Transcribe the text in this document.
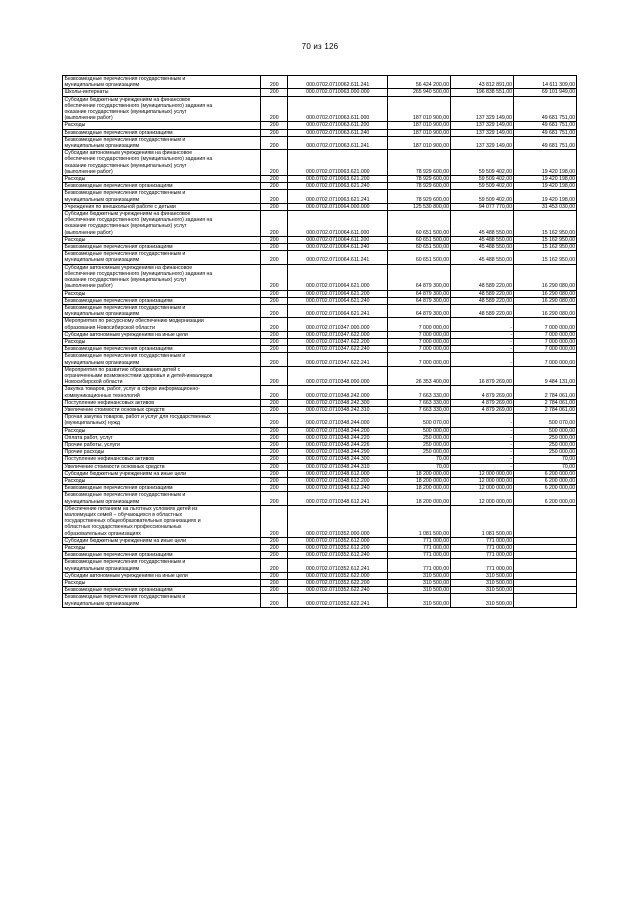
70 из 126
Безвозмездные перечисления государственным и
муниципальным организациям	200	000.0702.0710062.611.241	56 424 200,00	43 812 891,00	14 611 309,00
Школы-интернаты	200	000.0702.0710063.000.000	265 940 500,00	196 838 551,00	69 101 949,00
Субсидии бюджетным учреждениям на финансовое
обеспечение государственного (муниципального) задания на
оказание государственных (муниципальных) услуг
(выполнение работ)	200	000.0702.0710063.611.000	187 010 900,00	137 329 149,00	49 681 751,00
Расходы	200	000.0702.0710063.611.200	187 010 900,00	137 329 149,00	49 681 751,00
Безвозмездные перечисления организациям	200	000.0702.0710063.611.240	187 010 900,00	137 329 149,00	49 681 751,00
Безвозмездные перечисления государственным и
муниципальным организациям	200	000.0702.0710063.611.241	187 010 900,00	137 329 149,00	49 681 751,00
Субсидии автономным учреждениям на финансовое
обеспечение государственного (муниципального) задания на
оказание государственных (муниципальных) услуг
(выполнение работ)	200	000.0702.0710063.621.000	78 929 600,00	59 509 402,00	19 420 198,00
Расходы	200	000.0702.0710063.621.200	78 929 600,00	59 509 402,00	19 420 198,00
Безвозмездные перечисления организациям	200	000.0702.0710063.621.240	78 929 600,00	59 509 402,00	19 420 198,00
Безвозмездные перечисления государственным и
муниципальным организациям	200	000.0702.0710063.621.241	78 929 600,00	59 509 402,00	19 420 198,00
Учреждения по внешкольной работе с детьми	200	000.0702.0710064.000.000	125 530 800,00	94 077 770,00	31 453 030,00
Субсидии бюджетным учреждениям на финансовое
обеспечение государственного (муниципального) задания на
оказание государственных (муниципальных) услуг
(выполнение работ)	200	000.0702.0710064.611.000	60 651 500,00	45 488 550,00	15 162 950,00
Расходы	200	000.0702.0710064.611.200	60 651 500,00	45 488 550,00	15 162 950,00
Безвозмездные перечисления организациям	200	000.0702.0710064.611.240	60 651 500,00	45 488 550,00	15 162 950,00
Безвозмездные перечисления государственным и
муниципальным организациям	200	000.0702.0710064.611.241	60 651 500,00	45 488 550,00	15 162 950,00
Субсидии автономным учреждениям на финансовое
обеспечение государственного (муниципального) задания на
оказание государственных (муниципальных) услуг
(выполнение работ)	200	000.0702.0710064.621.000	64 879 300,00	48 589 220,00	16 290 080,00
Расходы	200	000.0702.0710064.621.200	64 879 300,00	48 589 220,00	16 290 080,00
Безвозмездные перечисления организациям	200	000.0702.0710064.621.240	64 879 300,00	48 589 220,00	16 290 080,00
Безвозмездные перечисления государственным и
муниципальным организациям	200	000.0702.0710064.621.241	64 879 300,00	48 589 220,00	16 290 080,00
Мероприятия по ресурсному обеспечению модернизации
образования Новосибирской области	200	000.0702.0710347.000.000	7 000 000,00	-	7 000 000,00
Субсидии автономным учреждениям на иные цели	200	000.0702.0710347.622.000	7 000 000,00	-	7 000 000,00
Расходы	200	000.0702.0710347.622.200	7 000 000,00	-	7 000 000,00
Безвозмездные перечисления организациям	200	000.0702.0710347.622.240	7 000 000,00	-	7 000 000,00
Безвозмездные перечисления государственным и
муниципальным организациям	200	000.0702.0710347.622.241	7 000 000,00	-	7 000 000,00
Мероприятия по развитию образования детей с
ограниченными возможностями здоровья и детей-инвалидов
Новосибирской области	200	000.0702.0710348.000.000	26 353 400,00	16 879 269,00	9 484 131,00
Закупка товаров, работ, услуг в сфере информационно-
коммуникационных технологий	200	000.0702.0710348.242.000	7 663 330,00	4 879 269,00	2 784 061,00
Поступление нефинансовых активов	200	000.0702.0710348.242.300	7 663 330,00	4 879 269,00	2 784 061,00
Увеличение стоимости основных средств	200	000.0702.0710348.242.310	7 663 330,00	4 879 269,00	2 784 061,00
Прочая закупка товаров, работ и услуг для государственных
(муниципальных) нужд	200	000.0702.0710348.244.000	500 070,00	-	500 070,00
Расходы	200	000.0702.0710348.244.200	500 000,00	-	500 000,00
Оплата работ, услуг	200	000.0702.0710348.244.220	250 000,00	-	250 000,00
Прочие работы, услуги	200	000.0702.0710348.244.226	250 000,00	-	250 000,00
Прочие расходы	200	000.0702.0710348.244.290	250 000,00	-	250 000,00
Поступление нефинансовых активов	200	000.0702.0710348.244.300	70,00	-	70,00
Увеличение стоимости основных средств	200	000.0702.0710348.244.310	70,00	-	70,00
Субсидии бюджетным учреждениям на иные цели	200	000.0702.0710348.612.000	18 200 000,00	12 000 000,00	6 200 000,00
Расходы	200	000.0702.0710348.612.200	18 200 000,00	12 000 000,00	6 200 000,00
Безвозмездные перечисления организациям	200	000.0702.0710348.612.240	18 200 000,00	12 000 000,00	6 200 000,00
Безвозмездные перечисления государственным и
муниципальным организациям	200	000.0702.0710348.612.241	18 200 000,00	12 000 000,00	6 200 000,00
Обеспечение питанием на льготных условиях детей из
малоимущих семей – обучающихся в областных
государственных общеобразовательных организациях и
областных государственных профессиональных
образовательных организациях	200	000.0702.0710352.000.000	1 081 500,00	1 081 500,00	
Субсидии бюджетным учреждениям на иные цели	200	000.0702.0710352.612.000	771 000,00	771 000,00	
Расходы	200	000.0702.0710352.612.200	771 000,00	771 000,00	
Безвозмездные перечисления организациям	200	000.0702.0710352.612.240	771 000,00	771 000,00	
Безвозмездные перечисления государственным и
муниципальным организациям	200	000.0702.0710352.612.241	771 000,00	771 000,00	
Субсидии автономным учреждениям на иные цели	200	000.0702.0710352.622.000	310 500,00	310 500,00	
Расходы	200	000.0702.0710352.622.200	310 500,00	310 500,00	
Безвозмездные перечисления организациям	200	000.0702.0710352.622.240	310 500,00	310 500,00	
Безвозмездные перечисления государственным и
муниципальным организациям	200	000.0702.0710352.622.241	310 500,00	310 500,00	
